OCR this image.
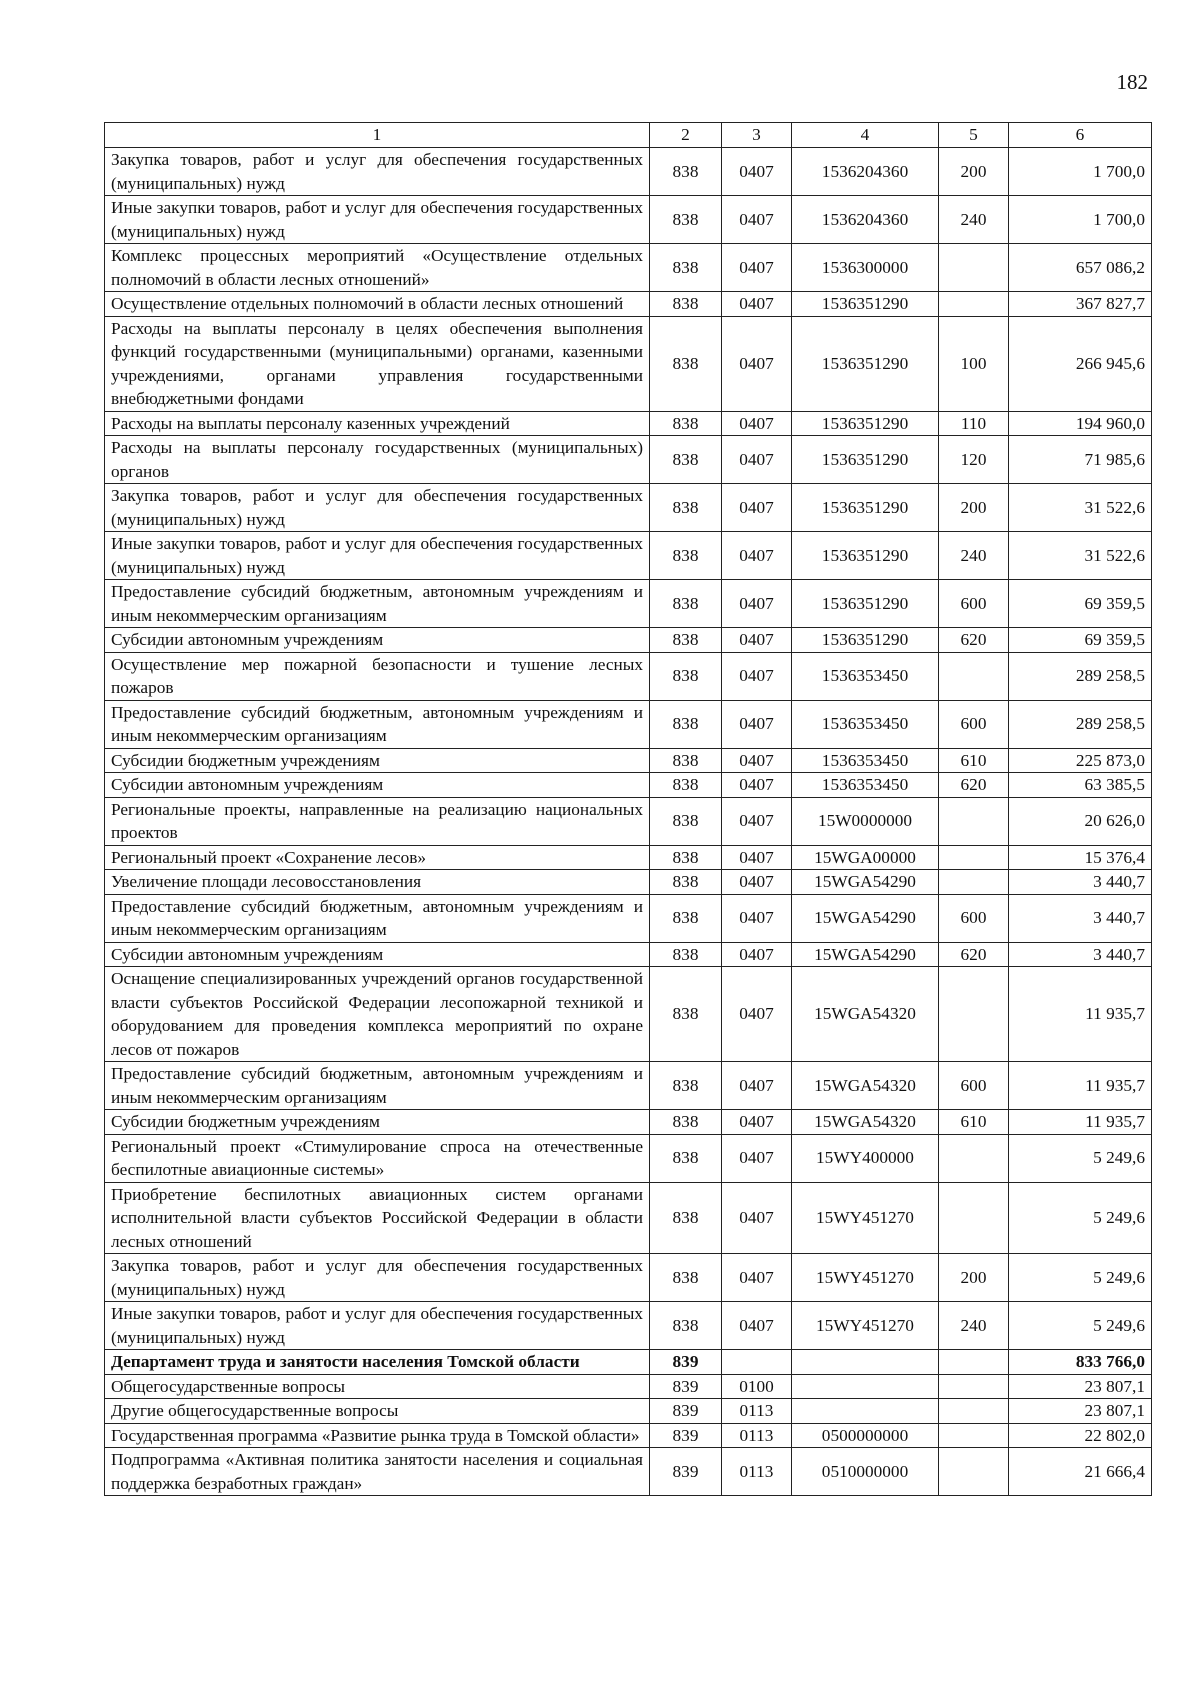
182
1	2	3	4	5	6
Закупка товаров, работ и услуг для обеспечения государственных (муниципальных) нужд	838	0407	1536204360	200	1 700,0
Иные закупки товаров, работ и услуг для обеспечения государственных (муниципальных) нужд	838	0407	1536204360	240	1 700,0
Комплекс процессных мероприятий «Осуществление отдельных полномочий в области лесных отношений»	838	0407	1536300000		657 086,2
Осуществление отдельных полномочий в области лесных отношений	838	0407	1536351290		367 827,7
Расходы на выплаты персоналу в целях обеспечения выполнения функций государственными (муниципальными) органами, казенными учреждениями, органами управления государственными внебюджетными фондами	838	0407	1536351290	100	266 945,6
Расходы на выплаты персоналу казенных учреждений	838	0407	1536351290	110	194 960,0
Расходы на выплаты персоналу государственных (муниципальных) органов	838	0407	1536351290	120	71 985,6
Закупка товаров, работ и услуг для обеспечения государственных (муниципальных) нужд	838	0407	1536351290	200	31 522,6
Иные закупки товаров, работ и услуг для обеспечения государственных (муниципальных) нужд	838	0407	1536351290	240	31 522,6
Предоставление субсидий бюджетным, автономным учреждениям и иным некоммерческим организациям	838	0407	1536351290	600	69 359,5
Субсидии автономным учреждениям	838	0407	1536351290	620	69 359,5
Осуществление мер пожарной безопасности и тушение лесных пожаров	838	0407	1536353450		289 258,5
Предоставление субсидий бюджетным, автономным учреждениям и иным некоммерческим организациям	838	0407	1536353450	600	289 258,5
Субсидии бюджетным учреждениям	838	0407	1536353450	610	225 873,0
Субсидии автономным учреждениям	838	0407	1536353450	620	63 385,5
Региональные проекты, направленные на реализацию национальных проектов	838	0407	15W0000000		20 626,0
Региональный проект «Сохранение лесов»	838	0407	15WGA00000		15 376,4
Увеличение площади лесовосстановления	838	0407	15WGA54290		3 440,7
Предоставление субсидий бюджетным, автономным учреждениям и иным некоммерческим организациям	838	0407	15WGA54290	600	3 440,7
Субсидии автономным учреждениям	838	0407	15WGA54290	620	3 440,7
Оснащение специализированных учреждений органов государственной власти субъектов Российской Федерации лесопожарной техникой и оборудованием для проведения комплекса мероприятий по охране лесов от пожаров	838	0407	15WGA54320		11 935,7
Предоставление субсидий бюджетным, автономным учреждениям и иным некоммерческим организациям	838	0407	15WGA54320	600	11 935,7
Субсидии бюджетным учреждениям	838	0407	15WGA54320	610	11 935,7
Региональный проект «Стимулирование спроса на отечественные беспилотные авиационные системы»	838	0407	15WY400000		5 249,6
Приобретение беспилотных авиационных систем органами исполнительной власти субъектов Российской Федерации в области лесных отношений	838	0407	15WY451270		5 249,6
Закупка товаров, работ и услуг для обеспечения государственных (муниципальных) нужд	838	0407	15WY451270	200	5 249,6
Иные закупки товаров, работ и услуг для обеспечения государственных (муниципальных) нужд	838	0407	15WY451270	240	5 249,6
Департамент труда и занятости населения Томской области	839				833 766,0
Общегосударственные вопросы	839	0100			23 807,1
Другие общегосударственные вопросы	839	0113			23 807,1
Государственная программа «Развитие рынка труда в Томской области»	839	0113	0500000000		22 802,0
Подпрограмма «Активная политика занятости населения и социальная поддержка безработных граждан»	839	0113	0510000000		21 666,4
